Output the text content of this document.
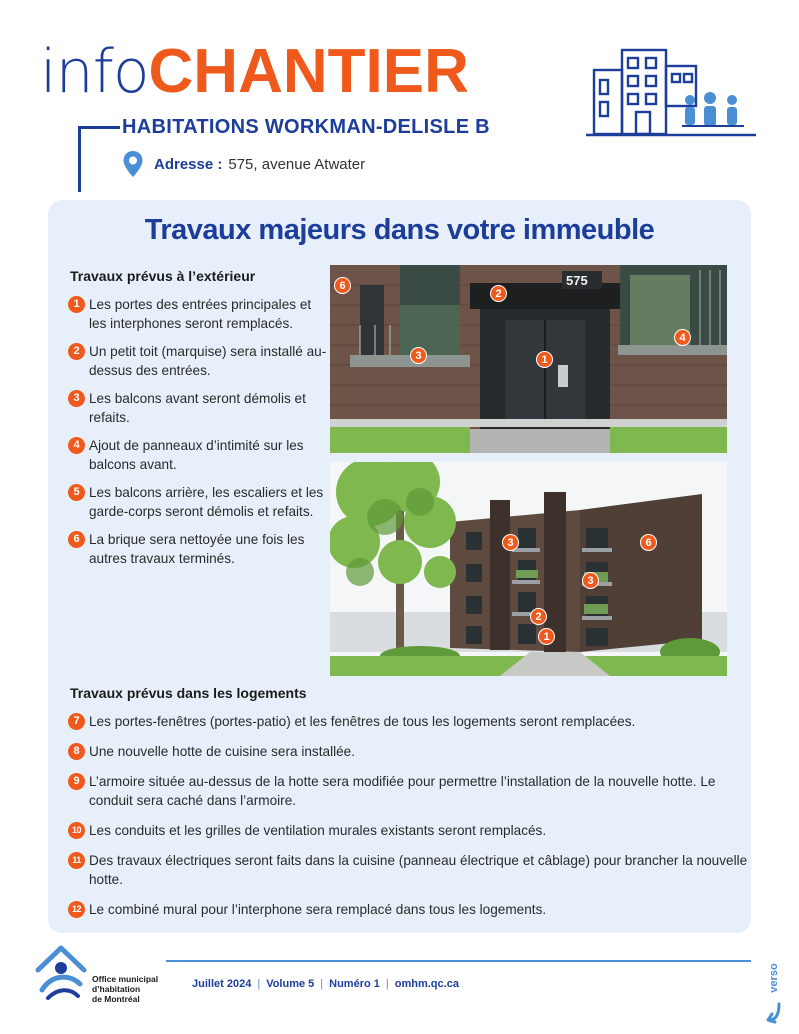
infoCHANTIER
HABITATIONS WORKMAN-DELISLE B
Adresse : 575, avenue Atwater
Travaux majeurs dans votre immeuble
Travaux prévus à l’extérieur
1 Les portes des entrées principales et les interphones seront remplacés.
2 Un petit toit (marquise) sera installé au-dessus des entrées.
3 Les balcons avant seront démolis et refaits.
4 Ajout de panneaux d’intimité sur les balcons avant.
5 Les balcons arrière, les escaliers et les garde-corps seront démolis et refaits.
6 La brique sera nettoyée une fois les autres travaux terminés.
575
6
2
4
3	1
3	6
3
2
1
Travaux prévus dans les logements
7 Les portes-fenêtres (portes-patio) et les fenêtres de tous les logements seront remplacées.
8 Une nouvelle hotte de cuisine sera installée.
9 L’armoire située au-dessus de la hotte sera modifiée pour permettre l’installation de la nouvelle hotte. Le conduit sera caché dans l’armoire.
10 Les conduits et les grilles de ventilation murales existants seront remplacés.
11 Des travaux électriques seront faits dans la cuisine (panneau électrique et câblage) pour brancher la nouvelle hotte.
12 Le combiné mural pour l’interphone sera remplacé dans tous les logements.
Office municipal
d’habitation
de Montréal
Juillet 2024 | Volume 5 | Numéro 1 | omhm.qc.ca	verso
